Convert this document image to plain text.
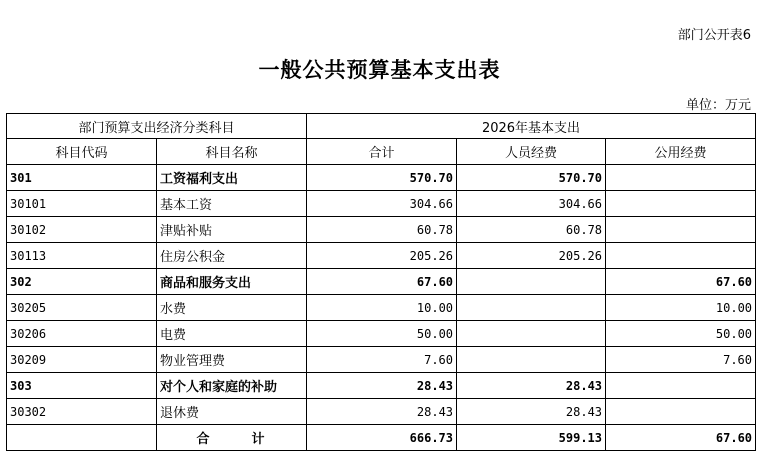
部门公开表6
一般公共预算基本支出表
单位：万元
部门预算支出经济分类科目		2026年基本支出		
科目代码	科目名称	合计	人员经费	公用经费
301	工资福利支出	570.70	570.70	
30101	基本工资	304.66	304.66	
30102	津贴补贴	60.78	60.78	
30113	住房公积金	205.26	205.26	
302	商品和服务支出	67.60		67.60
30205	水费	10.00		10.00
30206	电费	50.00		50.00
30209	物业管理费	7.60		7.60
303	对个人和家庭的补助	28.43	28.43	
30302	退休费	28.43	28.43	
	合 计	666.73	599.13	67.60
